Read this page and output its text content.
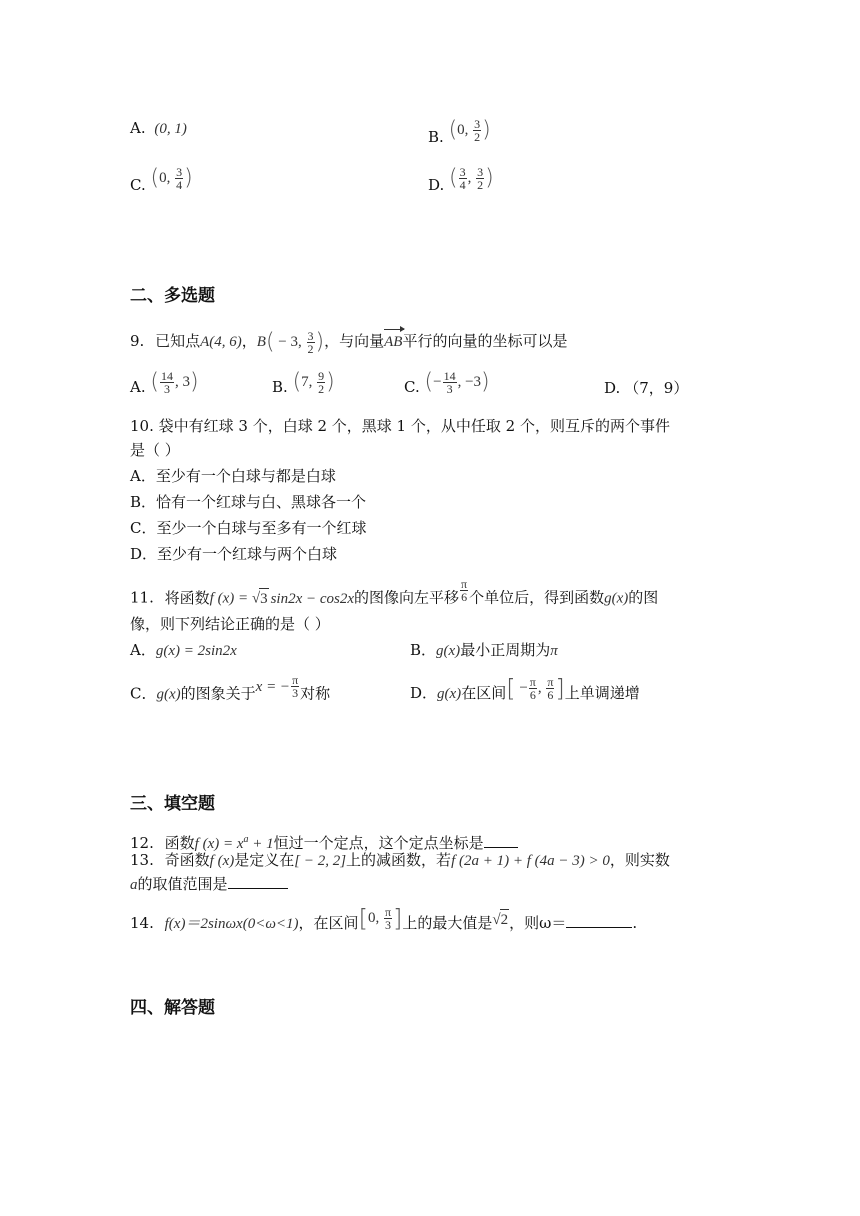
A. (0, 1)	B. (0, $\frac{3}{2}$ )
C. (0, $\frac{3}{4}$ )	D. ( $\frac{3}{4}$ , $\frac{3}{2}$ )
二、多选题
9. 已知点A(4, 6)，B( − 3, $\frac{3}{2}$ )，与向量AB平行的向量的坐标可以是
A. ( $\frac{14}{3}$ , 3)	B. (7, $\frac{9}{2}$ )	C. (− $\frac{14}{3}$ , −3)	D. （7，9）
10. 袋中有红球 3 个，白球 2 个，黑球 1 个，从中任取 2 个，则互斥的两个事件
是（ ）
A．至少有一个白球与都是白球
B．恰有一个红球与白、黑球各一个
C．至少一个白球与至多有一个红球
D．至少有一个红球与两个白球
11. 将函数f (x) = √3 sin2x − cos2x的图像向左平移 $\frac{\pi}{6}$ 个单位后，得到函数g(x)的图
像，则下列结论正确的是（ ）
A．g(x) = 2sin2x	B．g(x)最小正周期为π
C．g(x)的图象关于x = − $\frac{\pi}{3}$ 对称	D．g(x)在区间[ − $\frac{\pi}{6}$ , $\frac{\pi}{6}$ ]上单调递增
三、填空题
12. 函数f $(x) = x^a + 1$恒过一个定点，这个定点坐标是
13. 奇函数f (x)是定义在[ − 2, 2]上的减函数，若f (2a + 1) + f (4a − 3) > 0，则实数
a的取值范围是
14. f(x)＝2sinωx(0<ω<1)，在区间[0, $\frac{\pi}{3}$ ]上的最大值是√2，则ω＝	.
四、解答题
